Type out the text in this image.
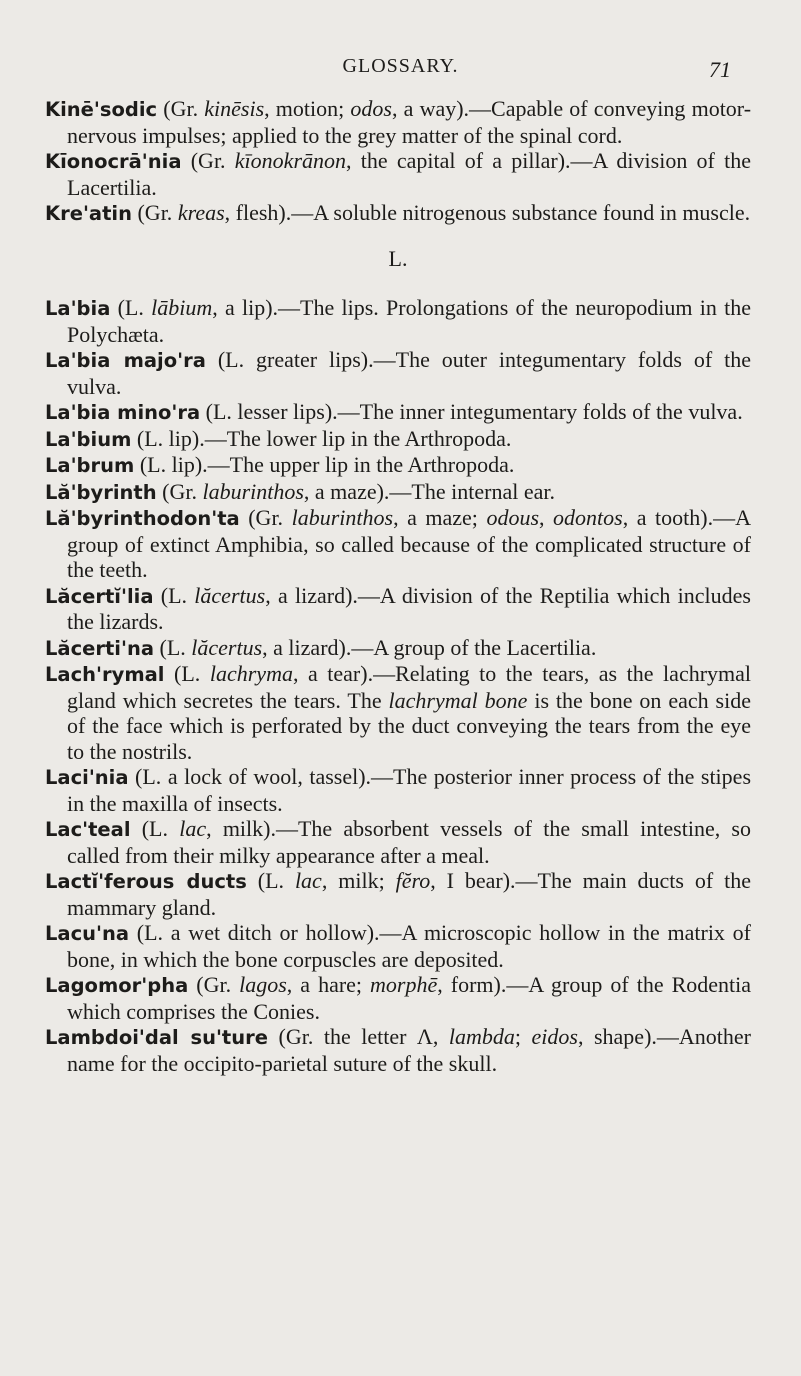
GLOSSARY.	71

Kinē'sodic (Gr. kinēsis, motion; odos, a way).—Capable of conveying motor-nervous impulses; applied to the grey matter of the spinal cord.

Kīonocrā'nia (Gr. kīonokrānon, the capital of a pillar).—A division of the Lacertilia.

Kre'atin (Gr. kreas, flesh).—A soluble nitrogenous substance found in muscle.

L.

La'bia (L. lābium, a lip).—The lips. Prolongations of the neuropodium in the Polychæta.

La'bia majo'ra (L. greater lips).—The outer integumentary folds of the vulva.

La'bia mino'ra (L. lesser lips).—The inner integumentary folds of the vulva.

La'bium (L. lip).—The lower lip in the Arthropoda.

La'brum (L. lip).—The upper lip in the Arthropoda.

Lă'byrinth (Gr. laburinthos, a maze).—The internal ear.

Lă'byrinthodon'ta (Gr. laburinthos, a maze; odous, odontos, a tooth).—A group of extinct Amphibia, so called because of the complicated structure of the teeth.

Lăcertĭ'lia (L. lăcertus, a lizard).—A division of the Reptilia which includes the lizards.

Lăcerti'na (L. lăcertus, a lizard).—A group of the Lacertilia.

Lach'rymal (L. lachryma, a tear).—Relating to the tears, as the lachrymal gland which secretes the tears. The lachrymal bone is the bone on each side of the face which is perforated by the duct conveying the tears from the eye to the nostrils.

Laci'nia (L. a lock of wool, tassel).—The posterior inner process of the stipes in the maxilla of insects.

Lac'teal (L. lac, milk).—The absorbent vessels of the small intestine, so called from their milky appearance after a meal.

Lactĭ'ferous ducts (L. lac, milk; fĕro, I bear).—The main ducts of the mammary gland.

Lacu'na (L. a wet ditch or hollow).—A microscopic hollow in the matrix of bone, in which the bone corpuscles are deposited.

Lagomor'pha (Gr. lagos, a hare; morphē, form).—A group of the Rodentia which comprises the Conies.

Lambdoi'dal su'ture (Gr. the letter Λ, lambda; eidos, shape).—Another name for the occipito-parietal suture of the skull.
